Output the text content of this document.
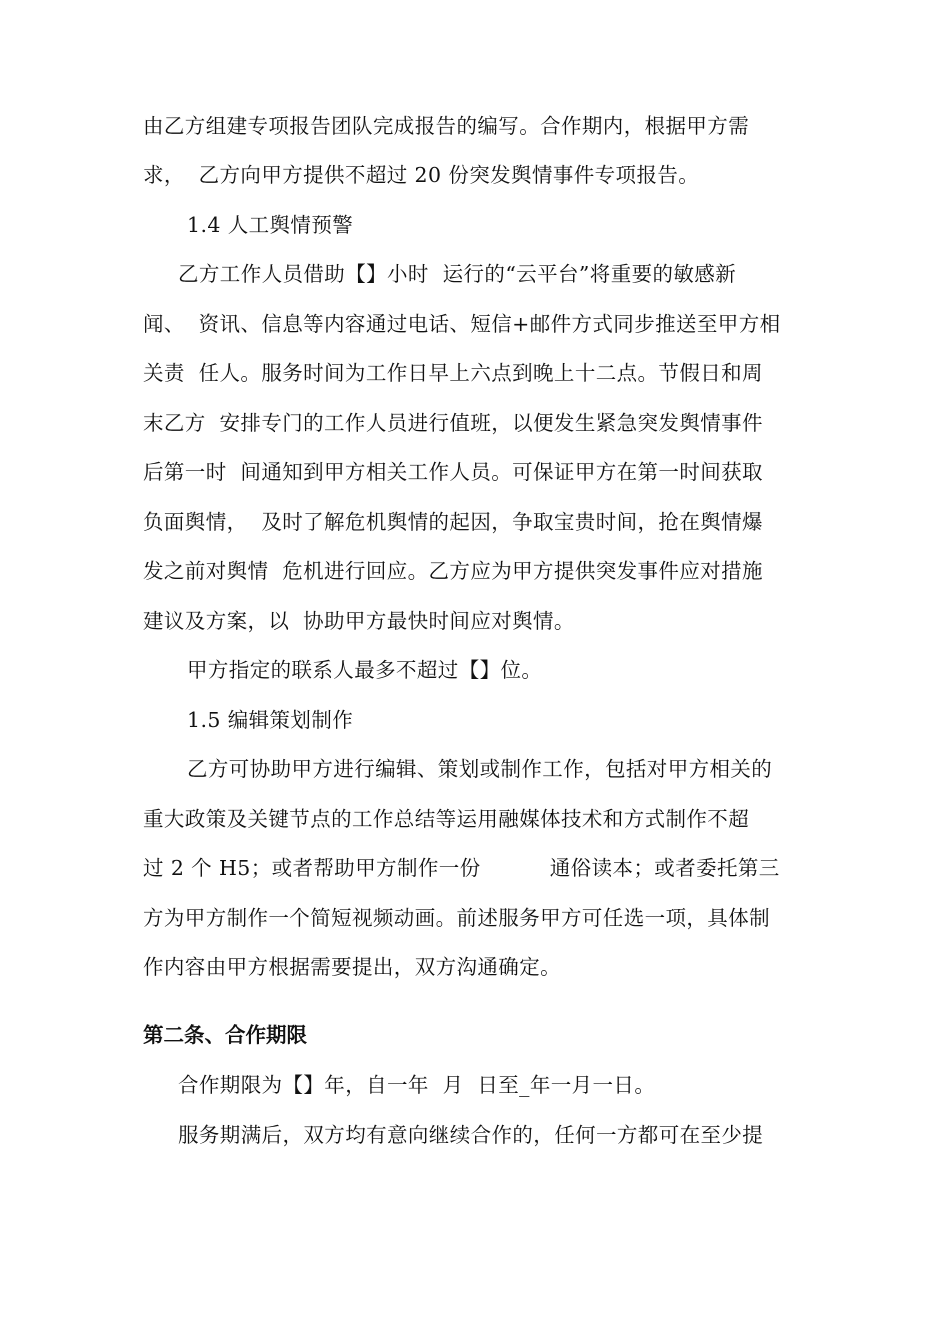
由乙方组建专项报告团队完成报告的编写。合作期内，根据甲方需
求，  乙方向甲方提供不超过 20 份突发舆情事件专项报告。
1.4 人工舆情预警
乙方工作人员借助【】小时  运行的“云平台”将重要的敏感新
闻、  资讯、信息等内容通过电话、短信+邮件方式同步推送至甲方相
关责  任人。服务时间为工作日早上六点到晚上十二点。节假日和周
末乙方  安排专门的工作人员进行值班，以便发生紧急突发舆情事件
后第一时  间通知到甲方相关工作人员。可保证甲方在第一时间获取
负面舆情，  及时了解危机舆情的起因，争取宝贵时间，抢在舆情爆
发之前对舆情  危机进行回应。乙方应为甲方提供突发事件应对措施
建议及方案，以  协助甲方最快时间应对舆情。
甲方指定的联系人最多不超过【】位。
1.5 编辑策划制作
乙方可协助甲方进行编辑、策划或制作工作，包括对甲方相关的
重大政策及关键节点的工作总结等运用融媒体技术和方式制作不超
过 2 个 H5；或者帮助甲方制作一份          通俗读本；或者委托第三
方为甲方制作一个简短视频动画。前述服务甲方可任选一项，具体制
作内容由甲方根据需要提出，双方沟通确定。
第二条、合作期限
合作期限为【】年，自一年  月  日至_年一月一日。
服务期满后，双方均有意向继续合作的，任何一方都可在至少提
